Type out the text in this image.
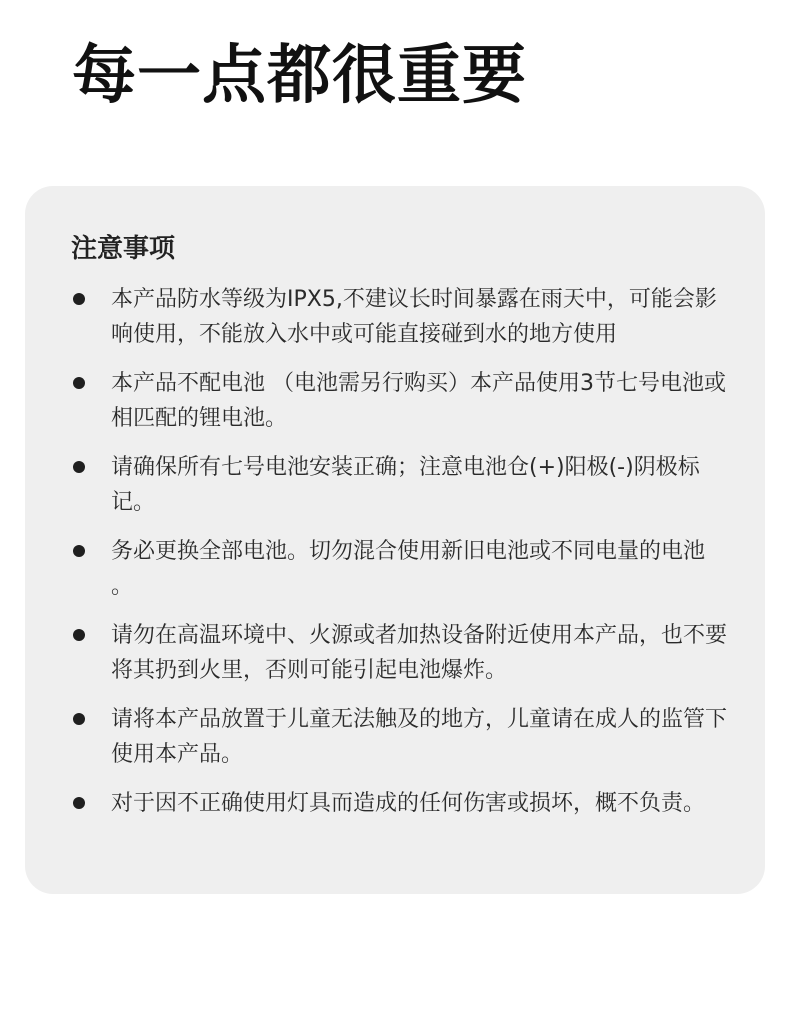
每一点都很重要
注意事项
本产品防水等级为IPX5,不建议长时间暴露在雨天中，可能会影响使用，不能放入水中或可能直接碰到水的地方使用
本产品不配电池 （电池需另行购买）本产品使用3节七号电池或相匹配的锂电池。
请确保所有七号电池安装正确；注意电池仓(+)阳极(-)阴极标记。
务必更换全部电池。切勿混合使用新旧电池或不同电量的电池 。
请勿在高温环境中、火源或者加热设备附近使用本产品，也不要将其扔到火里，否则可能引起电池爆炸。
请将本产品放置于儿童无法触及的地方，儿童请在成人的监管下使用本产品。
对于因不正确使用灯具而造成的任何伤害或损坏，概不负责。
